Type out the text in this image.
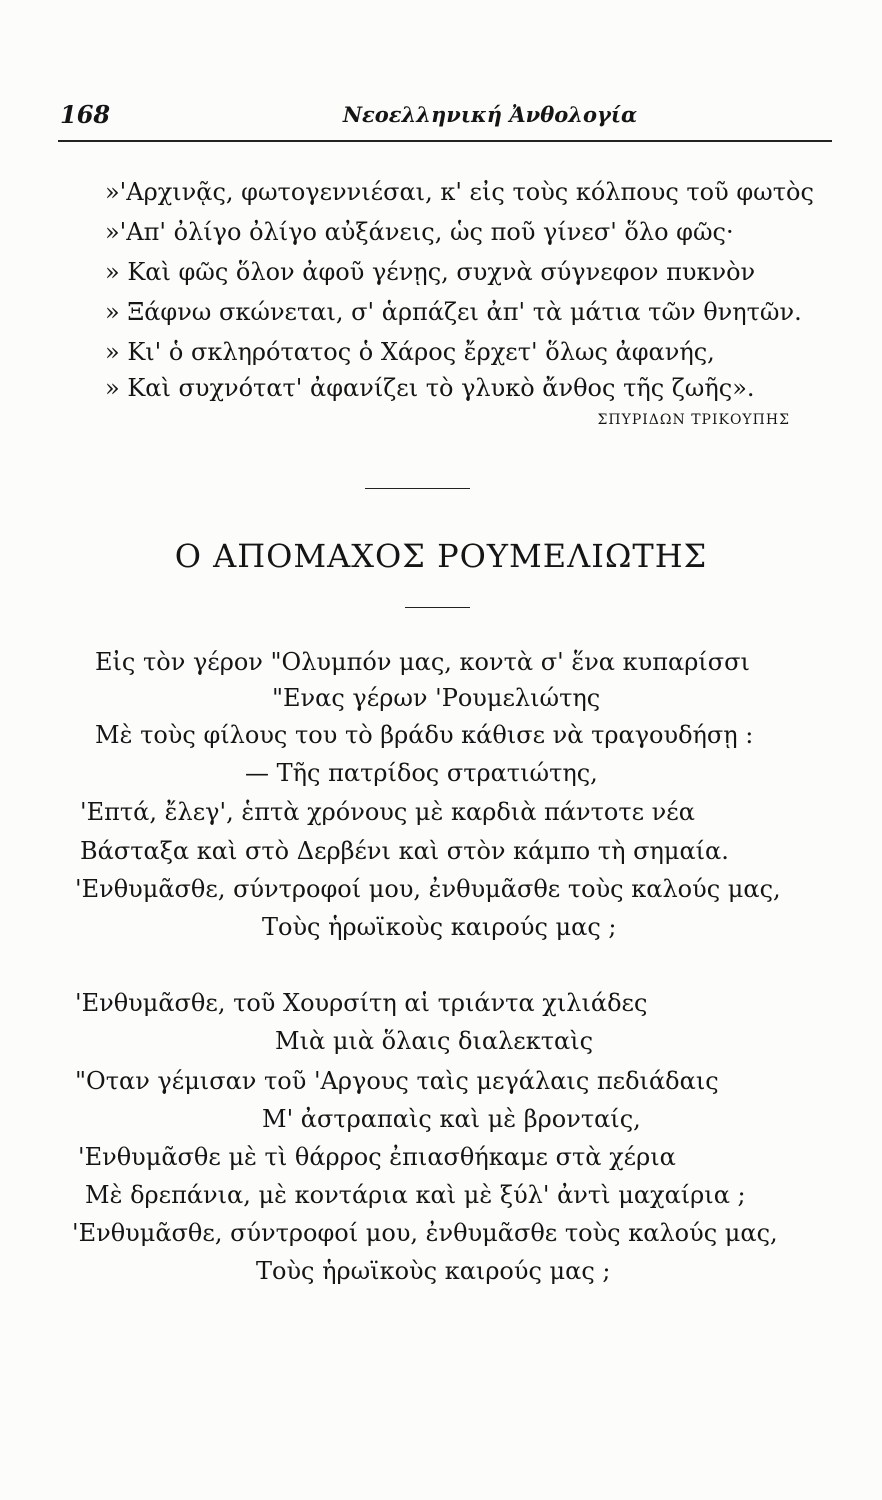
168	Νεοελληνική Ἀνθολογία
»'Αρχινᾷς, φωτογεννιέσαι, κ' εἰς τοὺς κόλπους τοῦ φωτὸς
»'Απ' ὀλίγο ὀλίγο αὐξάνεις, ὡς ποῦ γίνεσ' ὅλο φῶς·
» Καὶ φῶς ὅλον ἀφοῦ γένῃς, συχνὰ σύγνεφον πυκνὸν
» Ξάφνω σκώνεται, σ' ἁρπάζει ἀπ' τὰ μάτια τῶν θνητῶν.
» Κι' ὁ σκληρότατος ὁ Χάρος ἔρχετ' ὅλως ἀφανής,
» Καὶ συχνότατ' ἀφανίζει τὸ γλυκὸ ἄνθος τῆς ζωῆς».
ΣΠΥΡΙΔΩΝ ΤΡΙΚΟΥΠΗΣ
Ο ΑΠΟΜΑΧΟΣ ΡΟΥΜΕΛΙΩΤΗΣ
Εἰς τὸν γέρον "Ολυμπόν μας, κοντὰ σ' ἕνα κυπαρίσσι
"Ενας γέρων 'Ρουμελιώτης
Μὲ τοὺς φίλους του τὸ βράδυ κάθισε νὰ τραγουδήσῃ :
— Τῆς πατρίδος στρατιώτης,
'Επτά, ἔλεγ', ἑπτὰ χρόνους μὲ καρδιὰ πάντοτε νέα
Βάσταξα καὶ στὸ Δερβένι καὶ στὸν κάμπο τὴ σημαία.
'Ενθυμᾶσθε, σύντροφοί μου, ἐνθυμᾶσθε τοὺς καλούς μας,
Τοὺς ἡρωϊκοὺς καιρούς μας ;
'Ενθυμᾶσθε, τοῦ Χουρσίτη αἱ τριάντα χιλιάδες
Μιὰ μιὰ ὅλαις διαλεκταὶς
"Οταν γέμισαν τοῦ 'Αργους ταὶς μεγάλαις πεδιάδαις
Μ' ἀστραπαὶς καὶ μὲ βρονταίς,
'Ενθυμᾶσθε μὲ τὶ θάρρος ἐπιασθήκαμε στὰ χέρια
Μὲ δρεπάνια, μὲ κοντάρια καὶ μὲ ξύλ' ἀντὶ μαχαίρια ;
'Ενθυμᾶσθε, σύντροφοί μου, ἐνθυμᾶσθε τοὺς καλούς μας,
Τοὺς ἡρωϊκοὺς καιρούς μας ;
